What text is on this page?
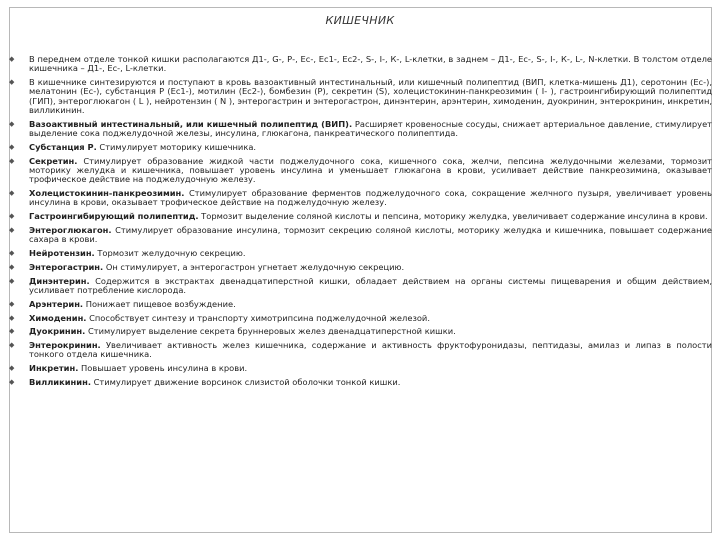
КИШЕЧНИК
◆ В переднем отделе тонкой кишки располагаются Д1-, G-, Р-, Ес-, Ес1-, Ес2-, S-, I-, К-, L-клетки, в заднем – Д1-, Ес-, S-, I-, К-, L-, N-клетки. В толстом отделе кишечника – Д1-, Ес-, L-клетки.
◆ В кишечнике синтезируются и поступают в кровь вазоактивный интестинальный, или кишечный полипептид (ВИП, клетка-мишень Д1), серотонин (Ес-), мелатонин (Ес-), субстанция Р (Ес1-), мотилин (Ес2-), бомбезин (Р), секретин (S), холецистокинин-панкреозимин ( I- ), гастроингибирующий полипептид (ГИП), энтероглюкагон ( L ), нейротензин ( N ), энтерогастрин и энтерогастрон, динэнтерин, арэнтерин, химоденин, дуокринин, энтерокринин, инкретин, вилликинин.
◆ Вазоактивный интестинальный, или кишечный полипептид (ВИП). Расширяет кровеносные сосуды, снижает артериальное давление, стимулирует выделение сока поджелудочной железы, инсулина, глюкагона, панкреатического полипептида.
◆ Субстанция Р. Стимулирует моторику кишечника.
◆ Секретин. Стимулирует образование жидкой части поджелудочного сока, кишечного сока, желчи, пепсина желудочными железами, тормозит моторику желудка и кишечника, повышает уровень инсулина и уменьшает глюкагона в крови, усиливает действие панкреозимина, оказывает трофическое действие на поджелудочную железу.
◆ Холецистокинин-панкреозимин. Стимулирует образование ферментов поджелудочного сока, сокращение желчного пузыря, увеличивает уровень инсулина в крови, оказывает трофическое действие на поджелудочную железу.
◆ Гастроингибирующий полипептид. Тормозит выделение соляной кислоты и пепсина, моторику желудка, увеличивает содержание инсулина в крови.
◆ Энтероглюкагон. Стимулирует образование инсулина, тормозит секрецию соляной кислоты, моторику желудка и кишечника, повышает содержание сахара в крови.
◆ Нейротензин. Тормозит желудочную секрецию.
◆ Энтерогастрин. Он стимулирует, а энтерогастрон угнетает желудочную секрецию.
◆ Динэнтерин. Содержится в экстрактах двенадцатиперстной кишки, обладает действием на органы системы пищеварения и общим действием, усиливает потребление кислорода.
◆ Арэнтерин. Понижает пищевое возбуждение.
◆ Химоденин. Способствует синтезу и транспорту химотрипсина поджелудочной железой.
◆ Дуокринин. Стимулирует выделение секрета бруннеровых желез двенадцатиперстной кишки.
◆ Энтерокринин. Увеличивает активность желез кишечника, содержание и активность фруктофуронидазы, пептидазы, амилаз и липаз в полости тонкого отдела кишечника.
◆ Инкретин. Повышает уровень инсулина в крови.
◆ Вилликинин. Стимулирует движение ворсинок слизистой оболочки тонкой кишки.
